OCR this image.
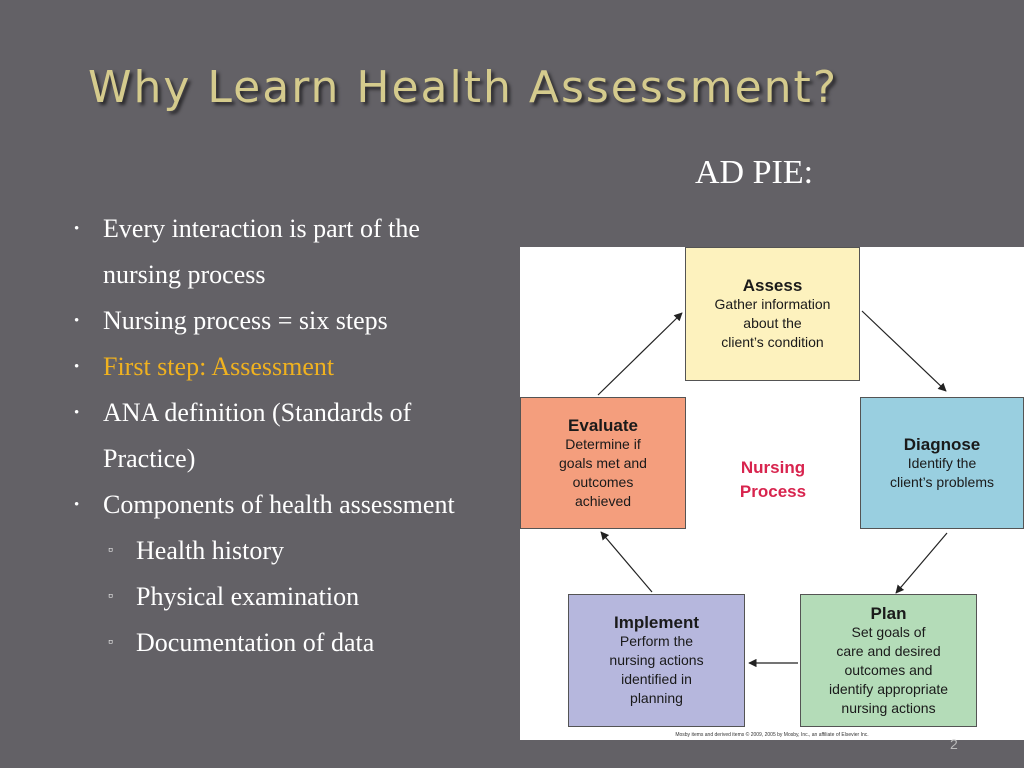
Why Learn Health Assessment?
AD PIE:
• Every interaction is part of the nursing process
• Nursing process = six steps
• First step: Assessment
• ANA definition (Standards of Practice)
• Components of health assessment
▫ Health history
▫ Physical examination
▫ Documentation of data
Assess
Gather information
about the
client’s condition
Diagnose
Identify the
client’s problems
Plan
Set goals of
care and desired
outcomes and
identify appropriate
nursing actions
Implement
Perform the
nursing actions
identified in
planning
Evaluate
Determine if
goals met and
outcomes
achieved
Nursing
Process
Mosby items and derived items © 2009, 2005 by Mosby, Inc., an affiliate of Elsevier Inc.
2
